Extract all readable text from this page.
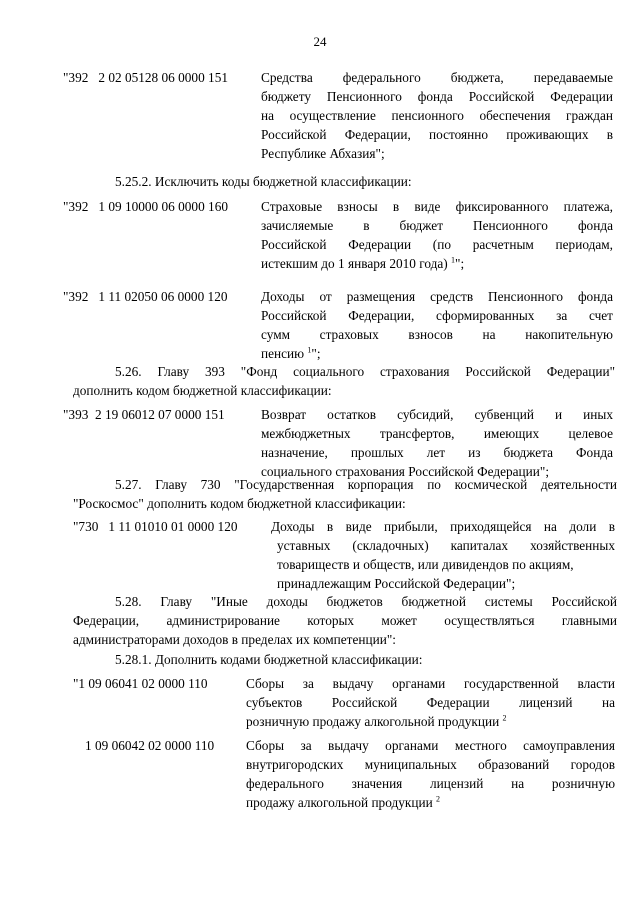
24
"392   2 02 05128 06 0000 151 Средства федерального бюджета, передаваемые
бюджету Пенсионного фонда Российской Федерации
на осуществление пенсионного обеспечения граждан
Российской Федерации, постоянно проживающих в
Республике Абхазия";
5.25.2. Исключить коды бюджетной классификации:
"392   1 09 10000 06 0000 160 Страховые взносы в виде фиксированного платежа,
зачисляемые в бюджет Пенсионного фонда
Российской Федерации (по расчетным периодам,
истекшим до 1 января 2010 года) $^1$";
"392   1 11 02050 06 0000 120	Доходы от размещения средств Пенсионного фонда
Российской Федерации, сформированных за счет
сумм страховых взносов на накопительную
пенсию $^1$";
5.26. Главу 393 "Фонд социального страхования Российской Федерации"
дополнить кодом бюджетной классификации:
"393  2 19 06012 07 0000 151	Возврат остатков субсидий, субвенций и иных
межбюджетных трансфертов, имеющих целевое
назначение, прошлых лет из бюджета Фонда
социального страхования Российской Федерации";
5.27. Главу 730 "Государственная корпорация по космической деятельности
"Роскосмос" дополнить кодом бюджетной классификации:
"730   1 11 01010 01 0000 120	Доходы в виде прибыли, приходящейся на доли в
уставных (складочных) капиталах хозяйственных
товариществ и обществ, или дивидендов по акциям,
принадлежащим Российской Федерации";
5.28. Главу "Иные доходы бюджетов бюджетной системы Российской
Федерации, администрирование которых может осуществляться главными
администраторами доходов в пределах их компетенции":
5.28.1. Дополнить кодами бюджетной классификации:
"1 09 06041 02 0000 110	Сборы за выдачу органами государственной власти
субъектов Российской Федерации лицензий на
розничную продажу алкогольной продукции $^2$
1 09 06042 02 0000 110 Сборы за выдачу органами местного самоуправления
внутригородских муниципальных образований городов
федерального значения лицензий на розничную
продажу алкогольной продукции $^2$
